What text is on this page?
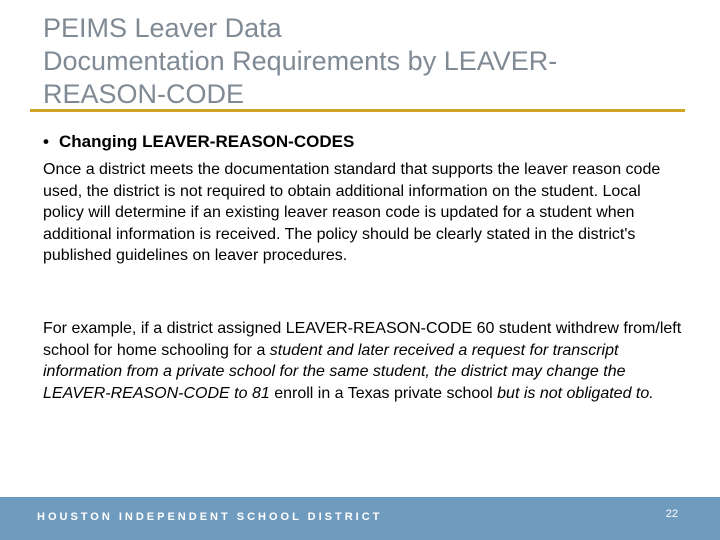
PEIMS Leaver Data
Documentation Requirements by LEAVER-
REASON-CODE

• Changing LEAVER-REASON-CODES

Once a district meets the documentation standard that supports the leaver reason code used, the district is not required to obtain additional information on the student. Local policy will determine if an existing leaver reason code is updated for a student when additional information is received. The policy should be clearly stated in the district's published guidelines on leaver procedures.

For example, if a district assigned LEAVER-REASON-CODE 60 student withdrew from/left school for home schooling for a student and later received a request for transcript information from a private school for the same student, the district may change the LEAVER-REASON-CODE to 81 enroll in a Texas private school but is not obligated to.

HOUSTON INDEPENDENT SCHOOL DISTRICT	22
